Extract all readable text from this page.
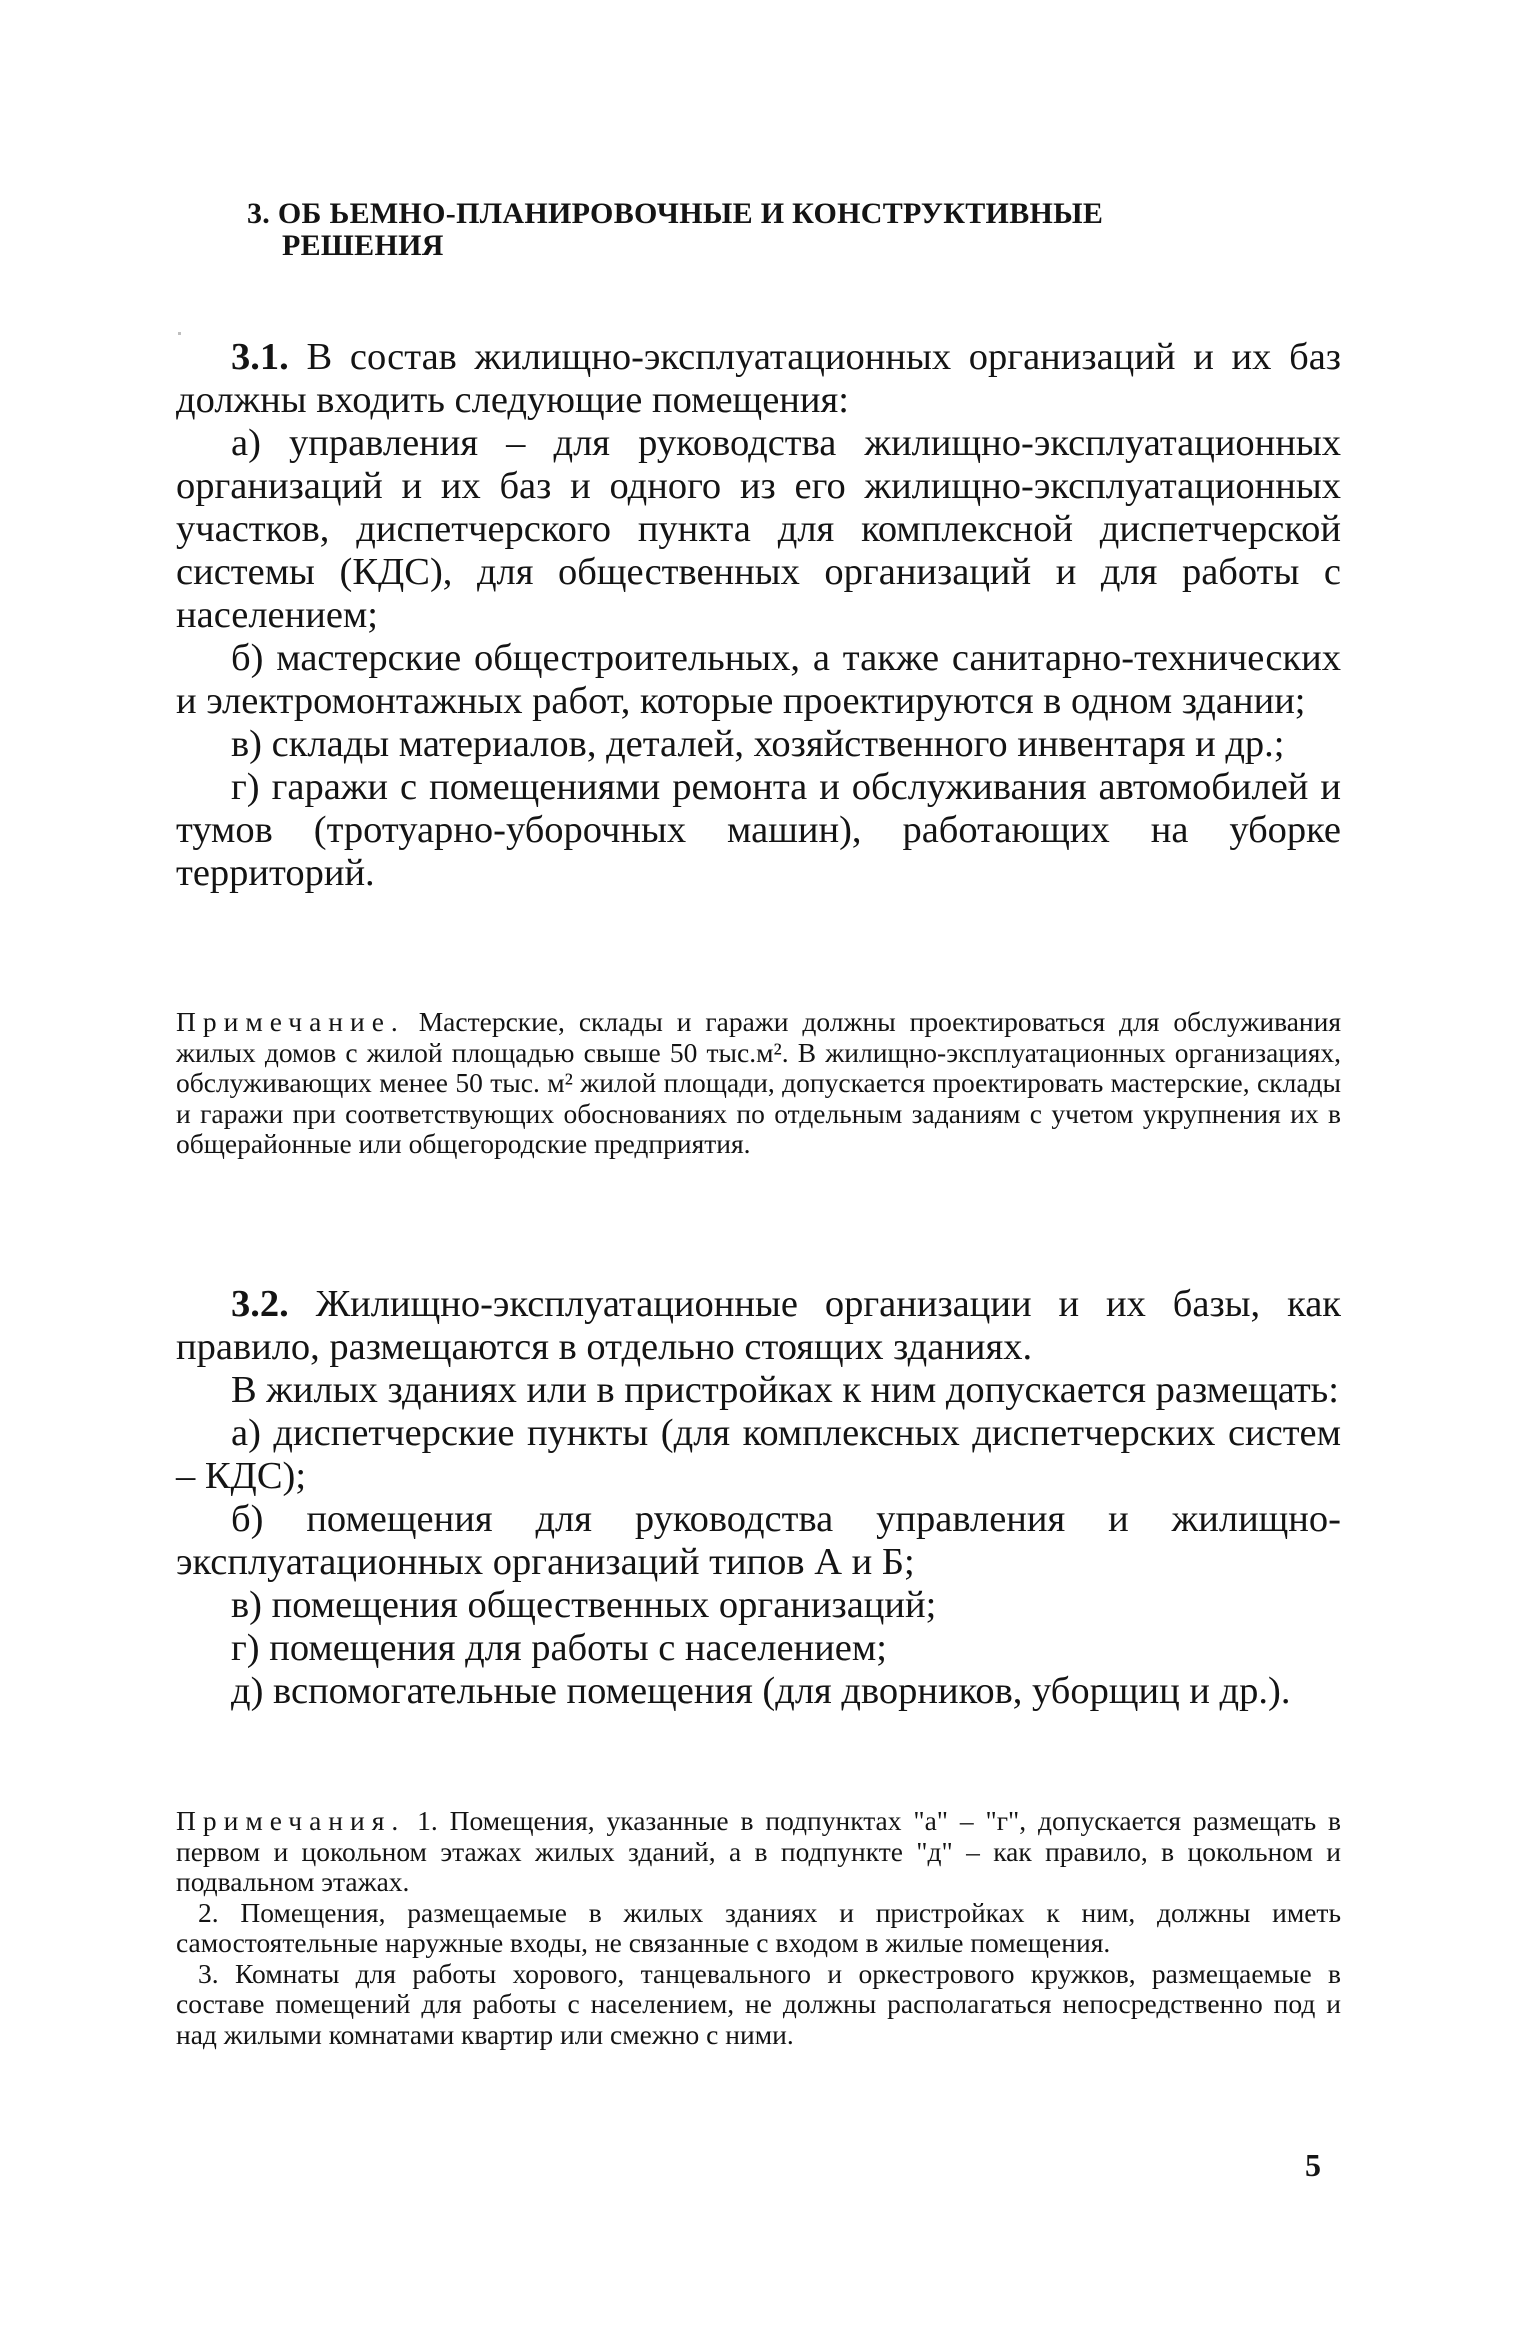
3. ОБ ЬЕМНО-ПЛАНИРОВОЧНЫЕ И КОНСТРУКТИВНЫЕ
РЕШЕНИЯ

3.1. В состав жилищно-эксплуатационных организаций и их баз должны входить следующие помещения:

а) управления – для руководства жилищно-эксплуатационных организаций и их баз и одного из его жилищно-эксплуатационных участков, диспетчерского пункта для комплексной диспетчерской системы (КДС), для общественных организаций и для работы с населением;

б) мастерские общестроительных, а также санитарно-технических и электромонтажных работ, которые проектируются в одном здании;

в) склады материалов, деталей, хозяйственного инвентаря и др.;

г) гаражи с помещениями ремонта и обслуживания автомобилей и тумов (тротуарно-уборочных машин), работающих на уборке территорий.

Примечание. Мастерские, склады и гаражи должны проектироваться для обслуживания жилых домов с жилой площадью свыше 50 тыс.м². В жилищно-эксплуатационных организациях, обслуживающих менее 50 тыс. м² жилой площади, допускается проектировать мастерские, склады и гаражи при соответствующих обоснованиях по отдельным заданиям с учетом укрупнения их в общерайонные или общегородские предприятия.

3.2. Жилищно-эксплуатационные организации и их базы, как правило, размещаются в отдельно стоящих зданиях.

В жилых зданиях или в пристройках к ним допускается размещать:

а) диспетчерские пункты (для комплексных диспетчерских систем – КДС);

б) помещения для руководства управления и жилищно-эксплуатационных организаций типов А и Б;

в) помещения общественных организаций;

г) помещения для работы с населением;

д) вспомогательные помещения (для дворников, уборщиц и др.).

Примечания. 1. Помещения, указанные в подпунктах "а" – "г", допускается размещать в первом и цокольном этажах жилых зданий, а в подпункте "д" – как правило, в цокольном и подвальном этажах.

2. Помещения, размещаемые в жилых зданиях и пристройках к ним, должны иметь самостоятельные наружные входы, не связанные с входом в жилые помещения.

3. Комнаты для работы хорового, танцевального и оркестрового кружков, размещаемые в составе помещений для работы с населением, не должны располагаться непосредственно под и над жилыми комнатами квартир или смежно с ними.

5
